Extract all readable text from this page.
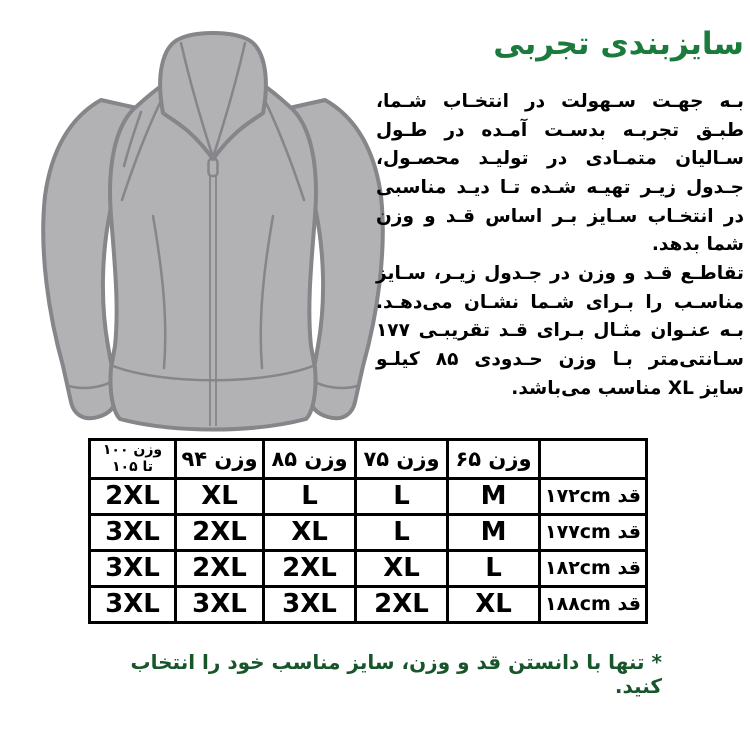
سایزبندی تجربی

بـه جهـت سـهولت در انتخـاب شـما، طبـق تجربـه بدسـت آمـده در طـول سـالیان متمـادی در تولیـد محصـول، جـدول زیـر تهیـه شـده تـا دیـد مناسبی در انتخـاب سـایز بـر اساس قـد و وزن شما بدهد.

تقاطـع قـد و وزن در جـدول زیـر، سـایز مناسـب را بـرای شـما نشـان می‌دهـد. بـه عنـوان مثـال بـرای قـد تقریبـی ۱۷۷ سـانتی‌متر بـا وزن حـدودی ۸۵ کیلـو سایز XL مناسب می‌باشد.

	وزن ۶۵	وزن ۷۵	وزن ۸۵	وزن ۹۴	وزن ۱۰۰
تا ۱۰۵

قد ۱۷۲cm	M	L	L	XL	2XL
قد ۱۷۷cm	M	L	XL	2XL	3XL
قد ۱۸۲cm	L	XL	2XL	2XL	3XL
قد ۱۸۸cm	XL	2XL	3XL	3XL	3XL
* تنها با دانستن قد و وزن، سایز مناسب خود را انتخاب کنید.
